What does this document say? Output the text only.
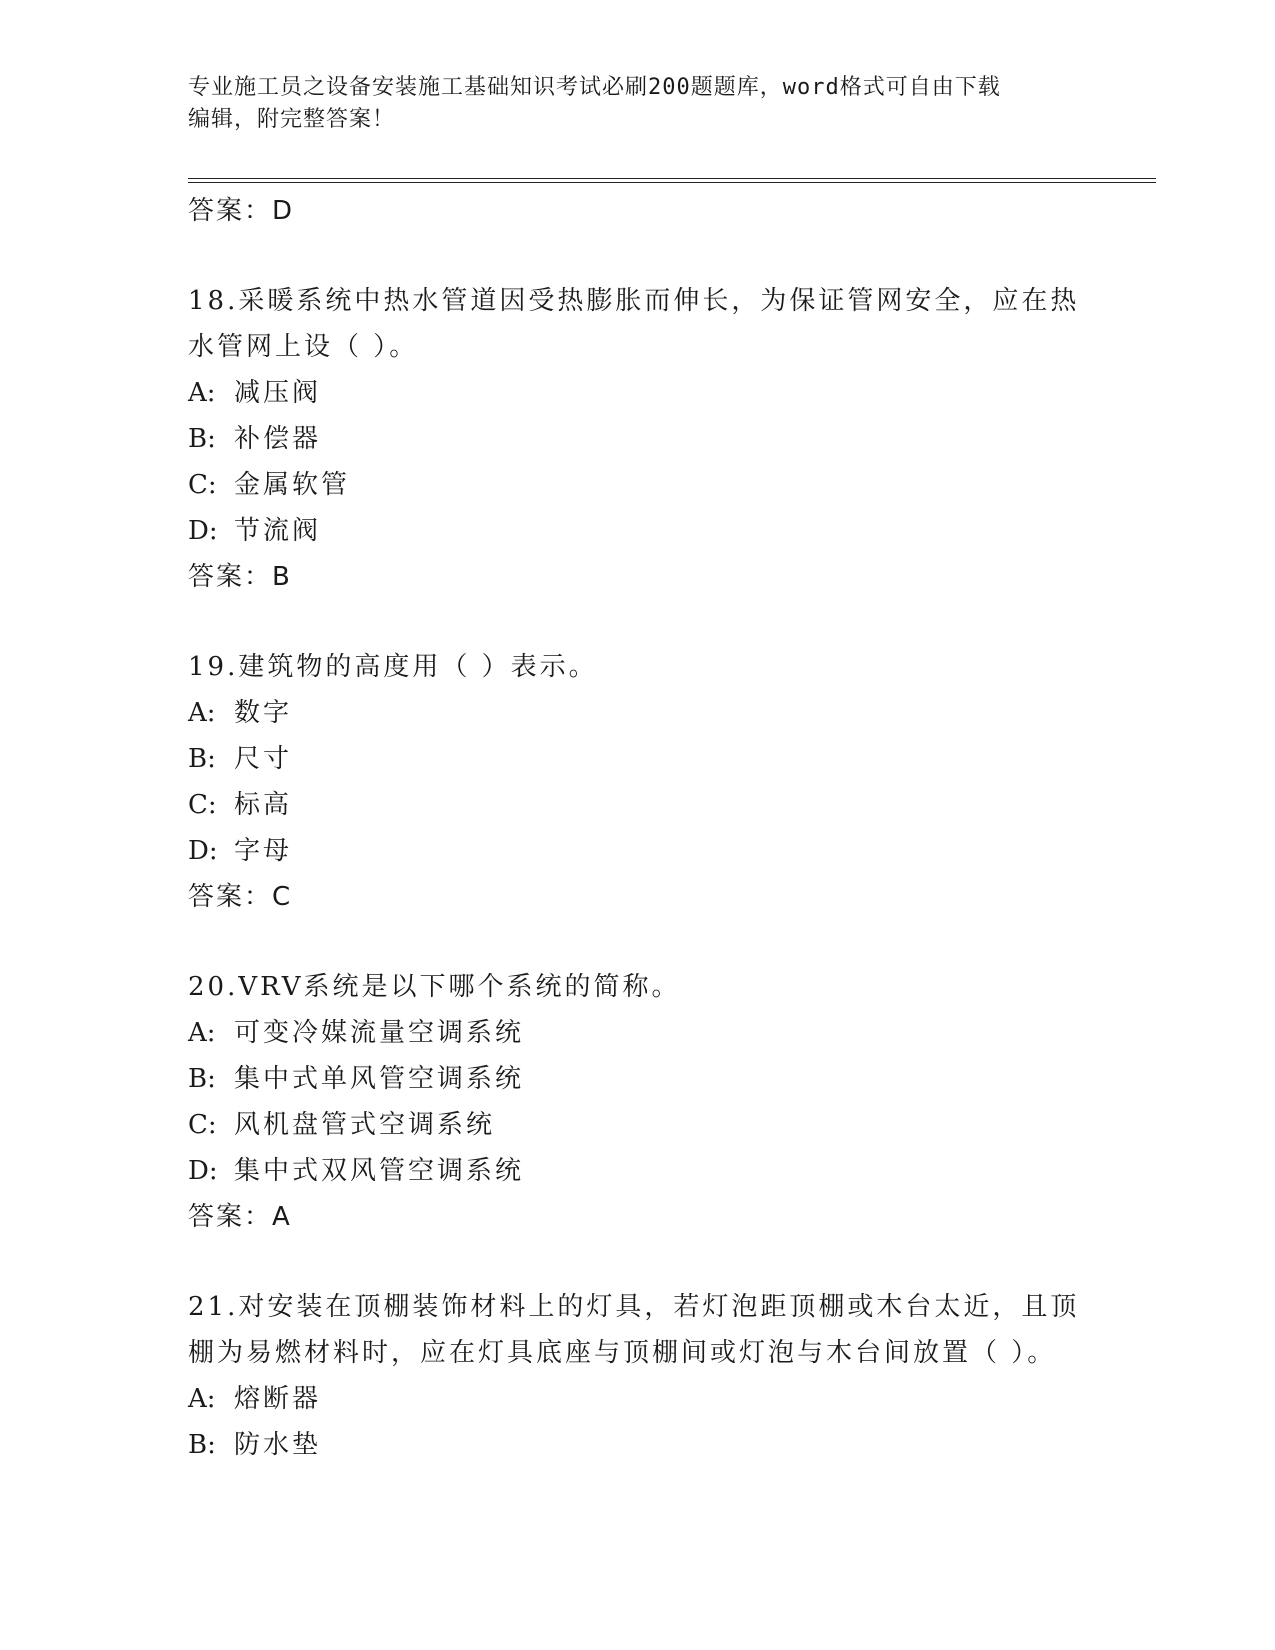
专业施工员之设备安装施工基础知识考试必刷200题题库，word格式可自由下载
编辑，附完整答案！
答案：D
18.采暖系统中热水管道因受热膨胀而伸长，为保证管网安全，应在热
水管网上设（ ）。
A: 减压阀
B: 补偿器
C: 金属软管
D: 节流阀
答案：B
19.建筑物的高度用（ ）表示。
A: 数字
B: 尺寸
C: 标高
D: 字母
答案：C
20.VRV系统是以下哪个系统的简称。
A: 可变冷媒流量空调系统
B: 集中式单风管空调系统
C: 风机盘管式空调系统
D: 集中式双风管空调系统
答案：A
21.对安装在顶棚装饰材料上的灯具，若灯泡距顶棚或木台太近，且顶
棚为易燃材料时，应在灯具底座与顶棚间或灯泡与木台间放置（ ）。
A: 熔断器
B: 防水垫
